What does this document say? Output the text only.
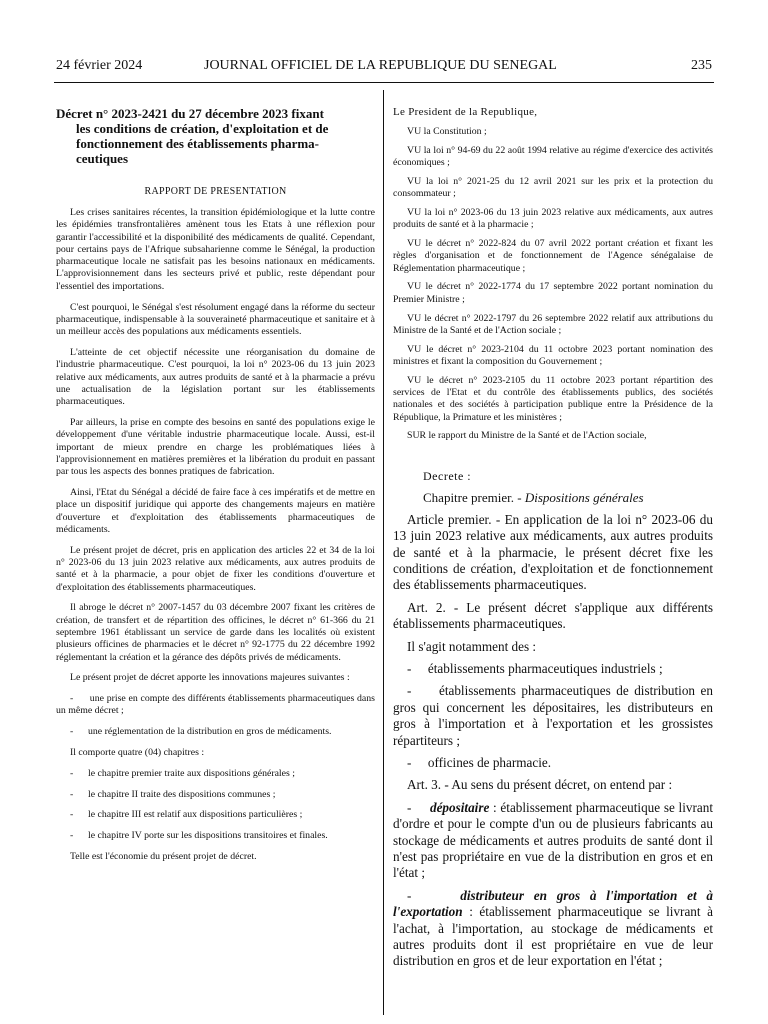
24 février 2024	JOURNAL OFFICIEL DE LA REPUBLIQUE DU SENEGAL	235
Décret n° 2023-2421 du 27 décembre 2023 fixant
les conditions de création, d'exploitation et de
fonctionnement des établissements pharma-
ceutiques
RAPPORT DE PRESENTATION

Les crises sanitaires récentes, la transition épidémiologique et la lutte contre les épidémies transfrontalières amènent tous les Etats à une réflexion pour garantir l'accessibilité et la disponibilité des médicaments de qualité. Cependant, pour certains pays de l'Afrique subsaharienne comme le Sénégal, la production pharmaceutique locale ne satisfait pas les besoins nationaux en médicaments. L'approvisionnement dans les secteurs privé et public, reste dépendant pour l'essentiel des importations.

C'est pourquoi, le Sénégal s'est résolument engagé dans la réforme du secteur pharmaceutique, indispensable à la souveraineté pharmaceutique et sanitaire et à un meilleur accès des populations aux médicaments essentiels.

L'atteinte de cet objectif nécessite une réorganisation du domaine de l'industrie pharmaceutique. C'est pourquoi, la loi n° 2023-06 du 13 juin 2023 relative aux médicaments, aux autres produits de santé et à la pharmacie a prévu une actualisation de la législation portant sur les établissements pharmaceutiques.

Par ailleurs, la prise en compte des besoins en santé des populations exige le développement d'une véritable industrie pharmaceutique locale. Aussi, est-il important de mieux prendre en charge les problématiques liées à l'approvisionnement en matières premières et la libération du produit en passant par tous les aspects des bonnes pratiques de fabrication.

Ainsi, l'Etat du Sénégal a décidé de faire face à ces impératifs et de mettre en place un dispositif juridique qui apporte des changements majeurs en matière d'ouverture et d'exploitation des établissements pharmaceutiques de médicaments.

Le présent projet de décret, pris en application des articles 22 et 34 de la loi n° 2023-06 du 13 juin 2023 relative aux médicaments, aux autres produits de santé et à la pharmacie, a pour objet de fixer les conditions d'ouverture et d'exploitation des établissements pharmaceutiques.

Il abroge le décret n° 2007-1457 du 03 décembre 2007 fixant les critères de création, de transfert et de répartition des officines, le décret n° 61-366 du 21 septembre 1961 établissant un service de garde dans les localités où existent plusieurs officines de pharmacies et le décret n° 92-1775 du 22 décembre 1992 réglementant la création et la gérance des dépôts privés de médicaments.

Le présent projet de décret apporte les innovations majeures suivantes :

-      une prise en compte des différents établissements pharmaceutiques dans un même décret ;

-      une réglementation de la distribution en gros de médicaments.

Il comporte quatre (04) chapitres :

-      le chapitre premier traite aux dispositions générales ;

-      le chapitre II traite des dispositions communes ;

-      le chapitre III est relatif aux dispositions particulières ;

-      le chapitre IV porte sur les dispositions transitoires et finales.

Telle est l'économie du présent projet de décret.

Le President de la Republique,

VU la Constitution ;

VU la loi n° 94-69 du 22 août 1994 relative au régime d'exercice des activités économiques ;

VU la loi n° 2021-25 du 12 avril 2021 sur les prix et la protection du consommateur ;

VU la loi n° 2023-06 du 13 juin 2023 relative aux médicaments, aux autres produits de santé et à la pharmacie ;

VU le décret n° 2022-824 du 07 avril 2022 portant création et fixant les règles d'organisation et de fonctionnement de l'Agence sénégalaise de Réglementation pharmaceutique ;

VU le décret n° 2022-1774 du 17 septembre 2022 portant nomination du Premier Ministre ;

VU le décret n° 2022-1797 du 26 septembre 2022 relatif aux attributions du Ministre de la Santé et de l'Action sociale ;

VU le décret n° 2023-2104 du 11 octobre 2023 portant nomination des ministres et fixant la composition du Gouvernement ;

VU le décret n° 2023-2105 du 11 octobre 2023 portant répartition des services de l'Etat et du contrôle des établissements publics, des sociétés nationales et des sociétés à participation publique entre la Présidence de la République, la Primature et les ministères ;

SUR le rapport du Ministre de la Santé et de l'Action sociale,

Decrete :
Chapitre premier. - Dispositions générales

Article premier. - En application de la loi n° 2023-06 du 13 juin 2023 relative aux médicaments, aux autres produits de santé et à la pharmacie, le présent décret fixe les conditions de création, d'exploitation et de fonctionnement des établissements pharmaceutiques.

Art. 2. - Le présent décret s'applique aux différents établissements pharmaceutiques.

Il s'agit notamment des :

-     établissements pharmaceutiques industriels ;

-     établissements pharmaceutiques de distribution en gros qui concernent les dépositaires, les distributeurs en gros à l'importation et à l'exportation et les grossistes répartiteurs ;

-     officines de pharmacie.

Art. 3. - Au sens du présent décret, on entend par :

-     dépositaire : établissement pharmaceutique se livrant d'ordre et pour le compte d'un ou de plusieurs fabricants au stockage de médicaments et autres produits de santé dont il n'est pas propriétaire en vue de la distribution en gros et en l'état ;

-     distributeur en gros à l'importation et à l'exportation : établissement pharmaceutique se livrant à l'achat, à l'importation, au stockage de médicaments et autres produits dont il est propriétaire en vue de leur distribution en gros et de leur exportation en l'état ;
